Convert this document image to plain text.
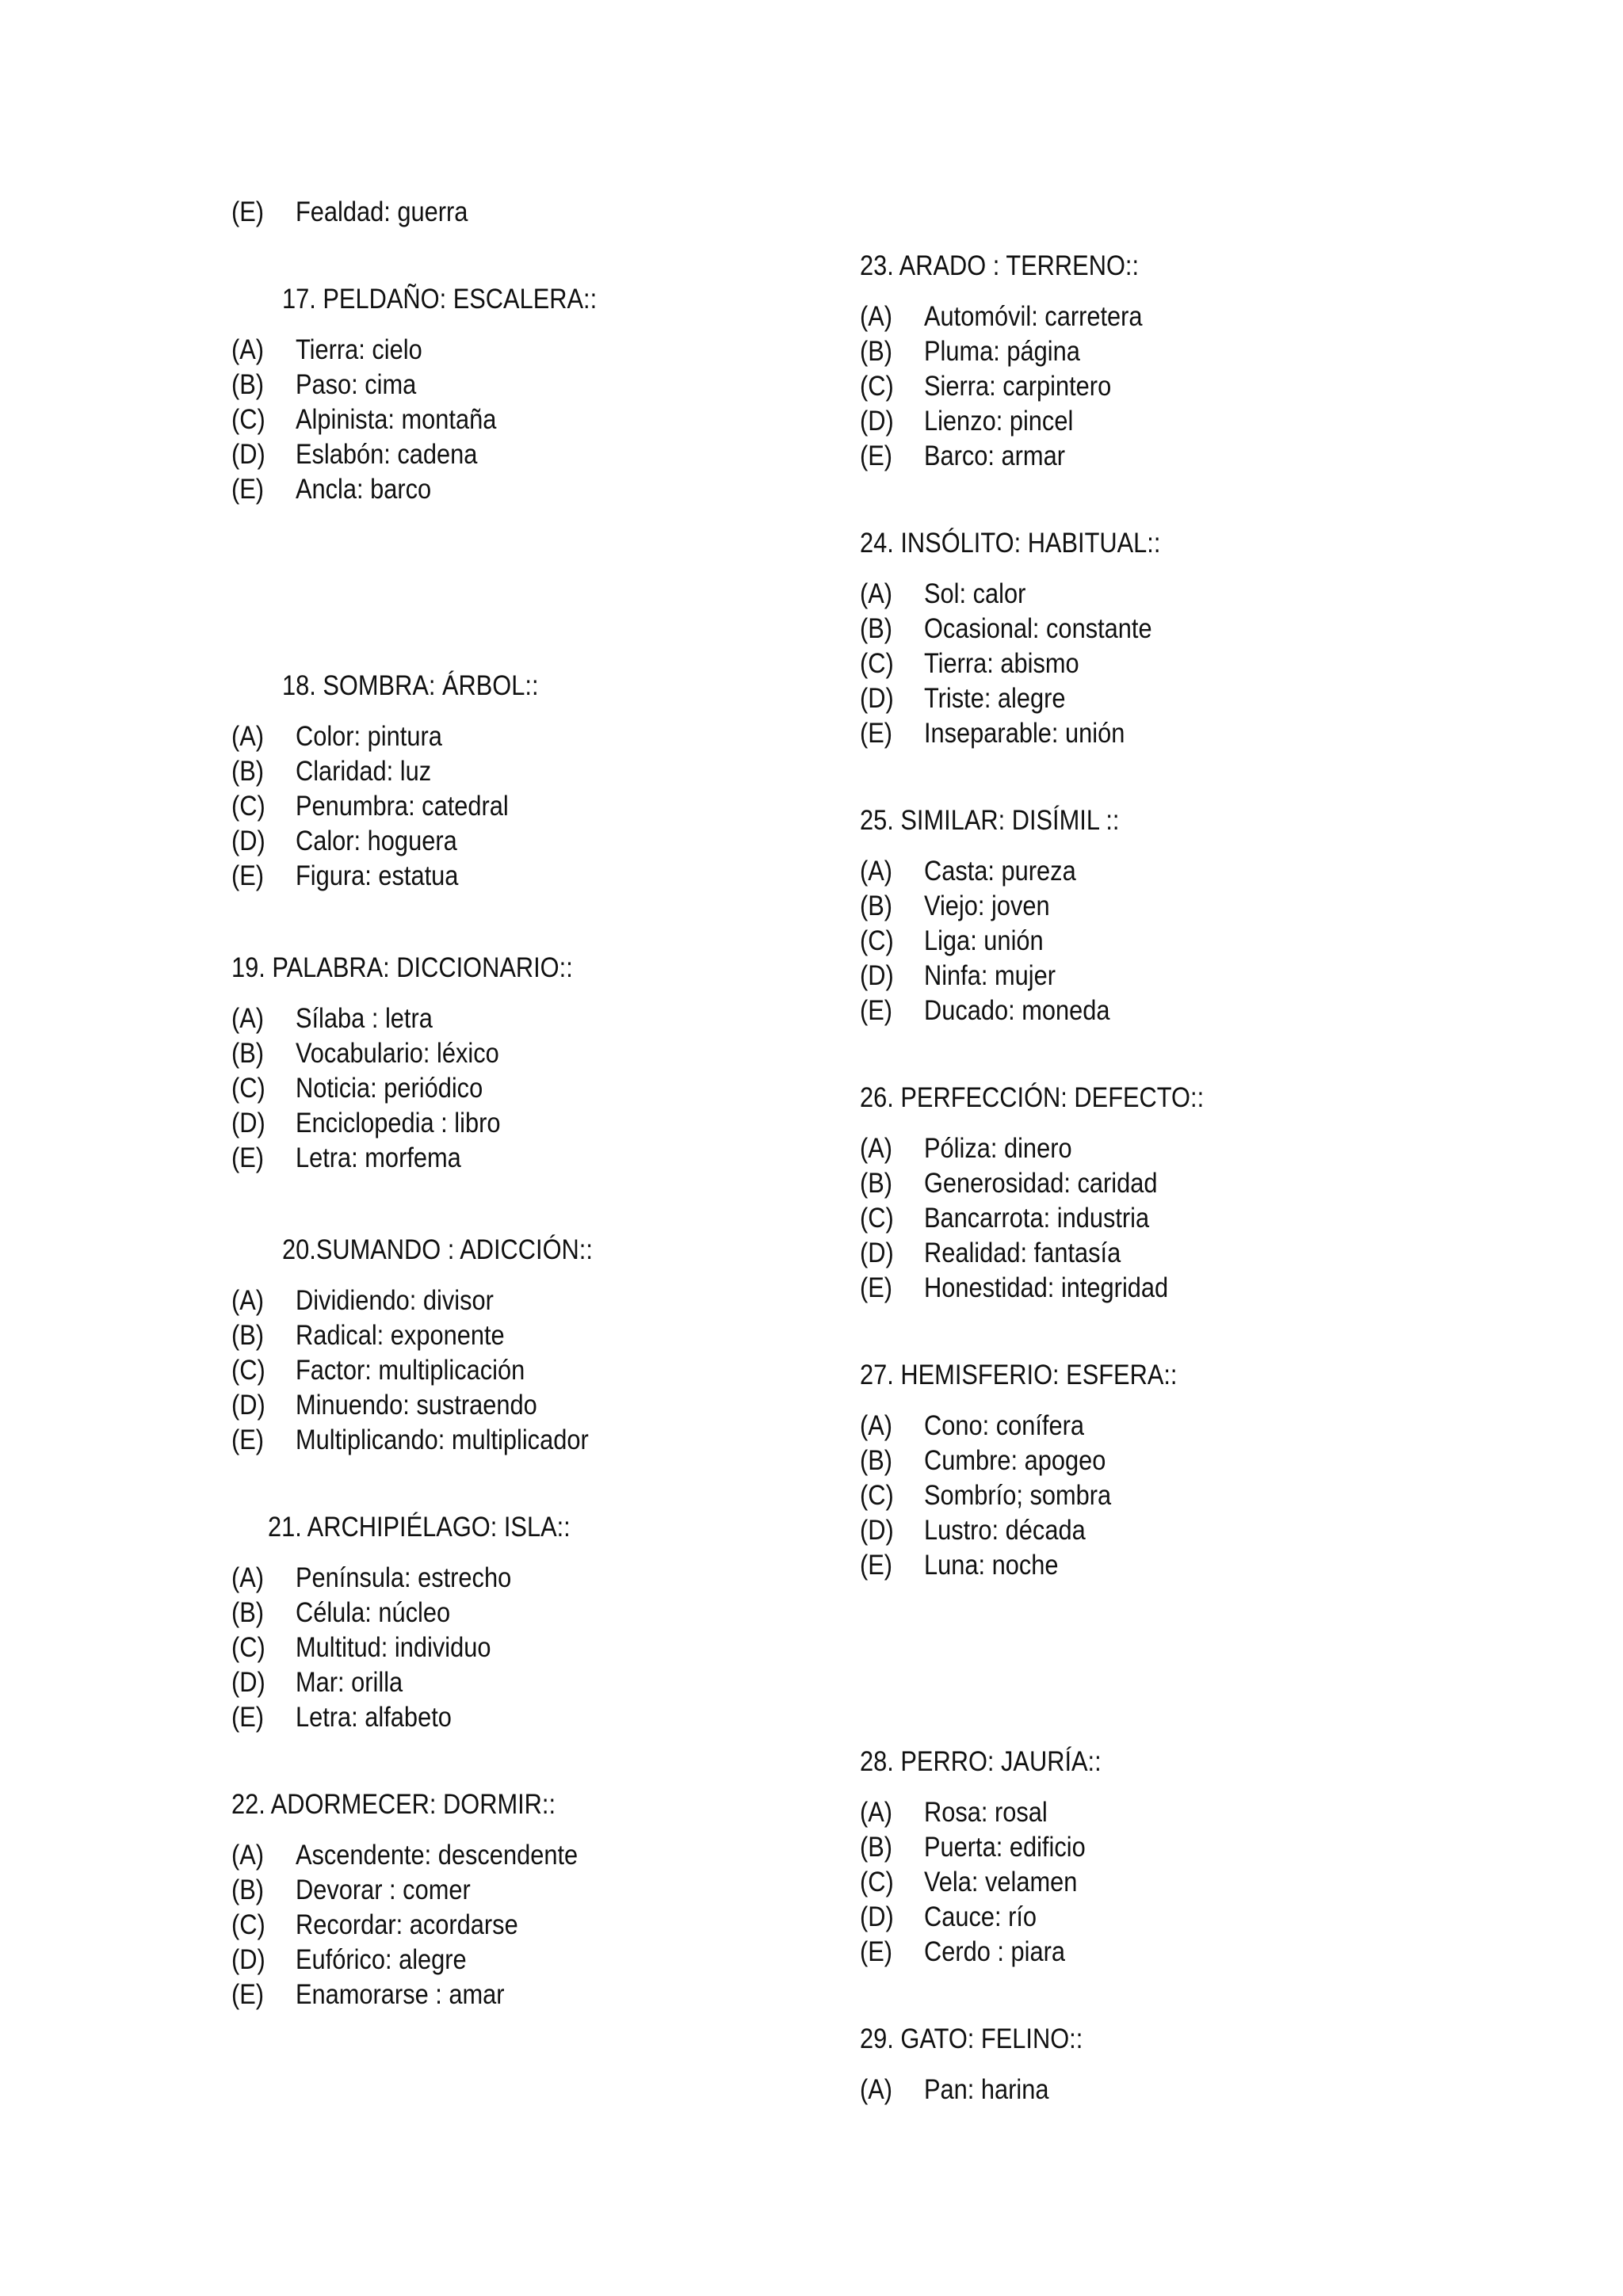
(E) Fealdad: guerra
17. PELDAÑO: ESCALERA::
(A) Tierra: cielo
(B) Paso: cima
(C) Alpinista: montaña
(D) Eslabón: cadena
(E) Ancla: barco
18. SOMBRA: ÁRBOL::
(A) Color: pintura
(B) Claridad: luz
(C) Penumbra: catedral
(D) Calor: hoguera
(E) Figura: estatua
19. PALABRA: DICCIONARIO::
(A) Sílaba : letra
(B) Vocabulario: léxico
(C) Noticia: periódico
(D) Enciclopedia : libro
(E) Letra: morfema
20.SUMANDO : ADICCIÓN::
(A) Dividiendo: divisor
(B) Radical: exponente
(C) Factor: multiplicación
(D) Minuendo: sustraendo
(E) Multiplicando: multiplicador
21. ARCHIPIÉLAGO: ISLA::
(A) Península: estrecho
(B) Célula: núcleo
(C) Multitud: individuo
(D) Mar: orilla
(E) Letra: alfabeto
22. ADORMECER: DORMIR::
(A) Ascendente: descendente
(B) Devorar : comer
(C) Recordar: acordarse
(D) Eufórico: alegre
(E) Enamorarse : amar
23. ARADO : TERRENO::
(A) Automóvil: carretera
(B) Pluma: página
(C) Sierra: carpintero
(D) Lienzo: pincel
(E) Barco: armar
24. INSÓLITO: HABITUAL::
(A) Sol: calor
(B) Ocasional: constante
(C) Tierra: abismo
(D) Triste: alegre
(E) Inseparable: unión
25. SIMILAR: DISÍMIL ::
(A) Casta: pureza
(B) Viejo: joven
(C) Liga: unión
(D) Ninfa: mujer
(E) Ducado: moneda
26. PERFECCIÓN: DEFECTO::
(A) Póliza: dinero
(B) Generosidad: caridad
(C) Bancarrota: industria
(D) Realidad: fantasía
(E) Honestidad: integridad
27. HEMISFERIO: ESFERA::
(A) Cono: conífera
(B) Cumbre: apogeo
(C) Sombrío; sombra
(D) Lustro: década
(E) Luna: noche
28. PERRO: JAURÍA::
(A) Rosa: rosal
(B) Puerta: edificio
(C) Vela: velamen
(D) Cauce: río
(E) Cerdo : piara
29. GATO: FELINO::
(A) Pan: harina
